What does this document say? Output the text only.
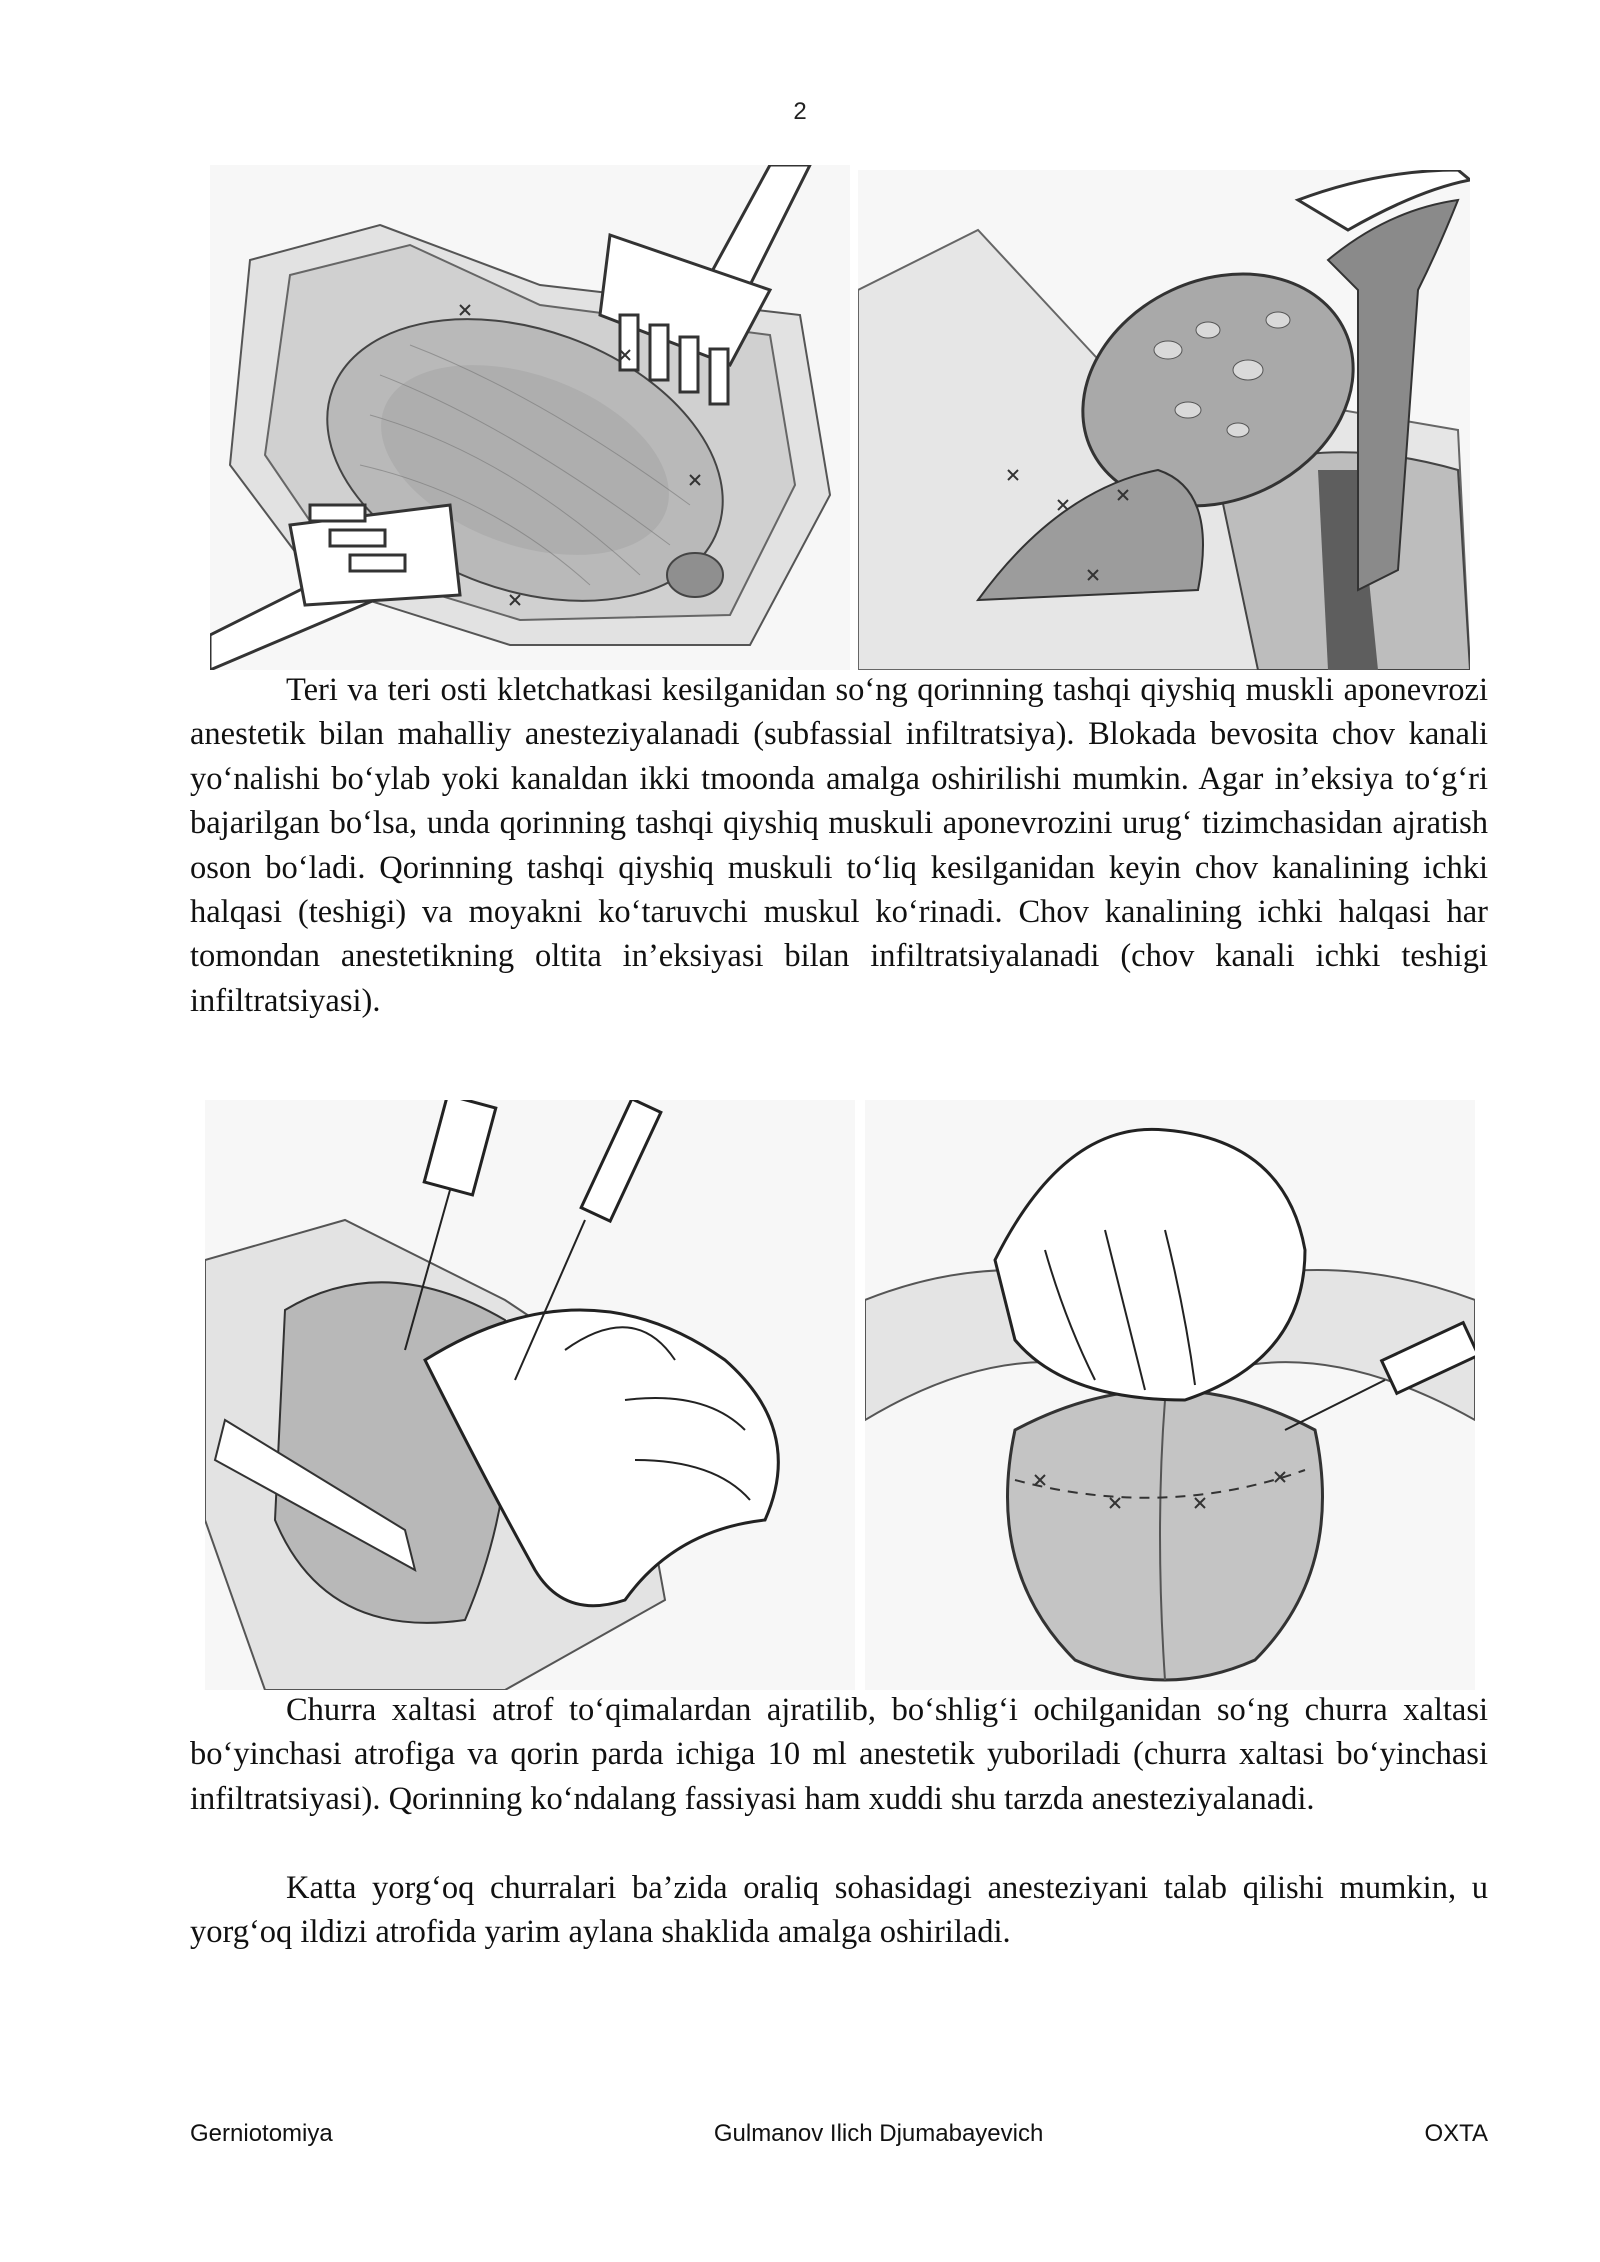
2

Teri va teri osti kletchatkasi kesilganidan so‘ng qorinning tashqi qiyshiq muskli aponevrozi anestetik bilan mahalliy anesteziyalanadi (subfassial infiltratsiya). Blokada bevosita chov kanali yo‘nalishi bo‘ylab yoki kanaldan ikki tmoonda amalga oshirilishi mumkin. Agar in’eksiya to‘g‘ri bajarilgan bo‘lsa, unda qorinning tashqi qiyshiq muskuli aponevrozini urug‘ tizimchasidan ajratish oson bo‘ladi. Qorinning tashqi qiyshiq muskuli to‘liq kesilganidan keyin chov kanalining ichki halqasi (teshigi) va moyakni ko‘taruvchi muskul ko‘rinadi. Chov kanalining ichki halqasi har tomondan anestetikning oltita in’eksiyasi bilan infiltratsiyalanadi (chov kanali ichki teshigi infiltratsiyasi).

Churra xaltasi atrof to‘qimalardan ajratilib, bo‘shlig‘i ochilganidan so‘ng churra xaltasi bo‘yinchasi atrofiga va qorin parda ichiga 10 ml anestetik yuboriladi (churra xaltasi bo‘yinchasi infiltratsiyasi). Qorinning ko‘ndalang fassiyasi ham xuddi shu tarzda anesteziyalanadi.

Katta yorg‘oq churralari ba’zida oraliq sohasidagi anesteziyani talab qilishi mumkin, u yorg‘oq ildizi atrofida yarim aylana shaklida amalga oshiriladi.

Gerniotomiya	Gulmanov Ilich Djumabayevich	OXTA
